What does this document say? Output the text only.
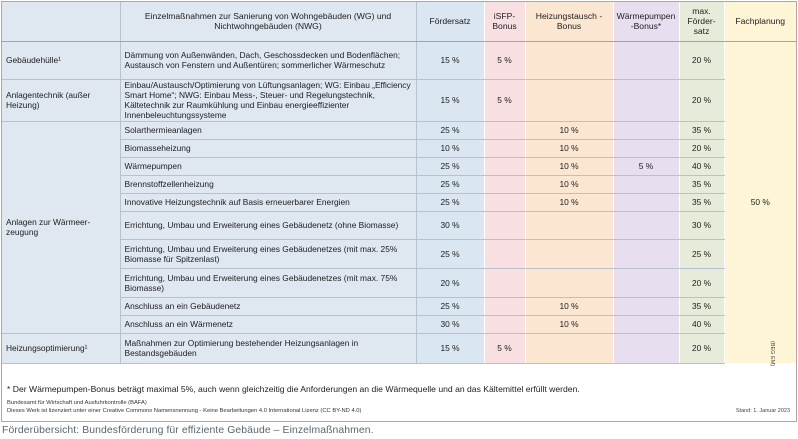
	Einzelmaßnahmen zur Sanierung von Wohngebäuden (WG) und Nichtwohngebäuden (NWG)	Fördersatz	iSFP-Bonus	Heizungstausch -Bonus	Wärmepumpen -Bonus*	max. Förder-satz	Fachplanung
Gebäudehülle¹	Dämmung von Außenwänden, Dach, Geschossdecken und Bodenflächen; Austausch von Fenstern und Außentüren; sommerlicher Wärmeschutz	15 %	5 %			20 %	50 %
Anlagentechnik (außer Heizung)	Einbau/Austausch/Optimierung von Lüftungsanlagen; WG: Einbau „Efficiency Smart Home“; NWG: Einbau Mess-, Steuer- und Regelungstechnik, Kältetechnik zur Raumkühlung und Einbau energieeffizienter Innenbeleuchtungssysteme	15 %	5 %			20 %	
Anlagen zur Wärmeer-zeugung	Solarthermieanlagen	25 %		10 %		35 %	
	Biomasseheizung	10 %		10 %		20 %	
	Wärmepumpen	25 %		10 %	5 %	40 %	
	Brennstoffzellenheizung	25 %		10 %		35 %	
	Innovative Heizungstechnik auf Basis erneuerbarer Energien	25 %		10 %		35 %	
	Errichtung, Umbau und Erweiterung eines Gebäudenetz (ohne Biomasse)	30 %				30 %	
	Errichtung, Umbau und Erweiterung eines Gebäudenetzes (mit max. 25% Biomasse für Spitzenlast)	25 %				25 %	
	Errichtung, Umbau und Erweiterung eines Gebäudenetzes (mit max. 75% Biomasse)	20 %				20 %	
	Anschluss an ein Gebäudenetz	25 %		10 %		35 %	
	Anschluss an ein Wärmenetz	30 %		10 %		40 %	
Heizungsoptimierung¹	Maßnahmen zur Optimierung bestehender Heizungsanlagen in Bestandsgebäuden	15 %	5 %			20 %		(BEG EM)
* Der Wärmepumpen-Bonus beträgt maximal 5%, auch wenn gleichzeitig die Anforderungen an die Wärmequelle und an das Kältemittel erfüllt werden.
Bundesamt für Wirtschaft und Ausfuhrkontrolle (BAFA)
Dieses Werk ist lizenziert unter einer Creative Commons Namensnennung - Keine Bearbeitungen 4.0 International Lizenz (CC BY-ND 4.0)	Stand: 1. Januar 2023
Förderübersicht: Bundesförderung für effiziente Gebäude – Einzelmaßnahmen.
